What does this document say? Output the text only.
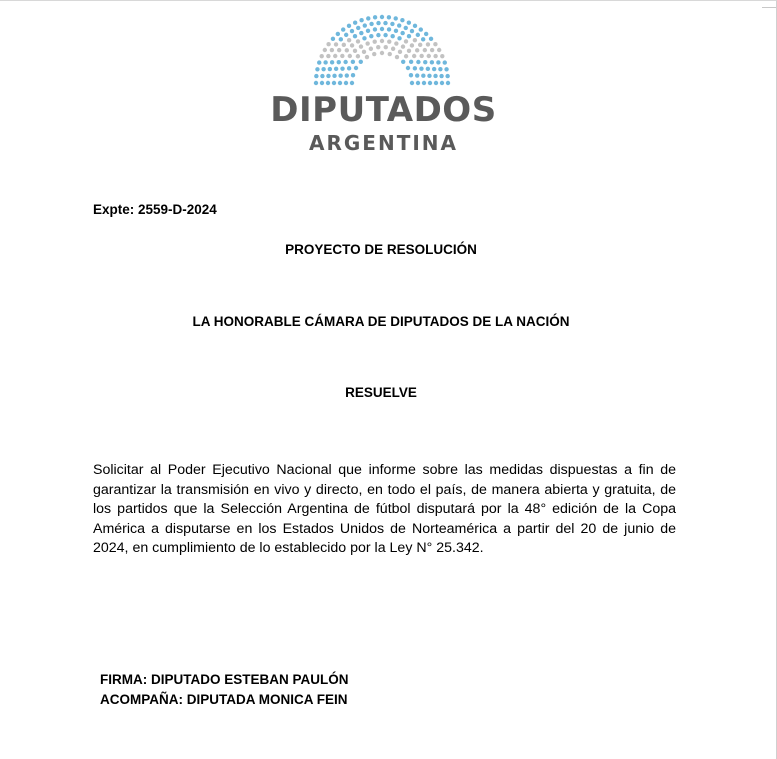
DIPUTADOS
ARGENTINA
Expte: 2559-D-2024
PROYECTO DE RESOLUCIÓN
LA HONORABLE CÁMARA DE DIPUTADOS DE LA NACIÓN
RESUELVE
Solicitar al Poder Ejecutivo Nacional que informe sobre las medidas dispuestas a fin de garantizar la transmisión en vivo y directo, en todo el país, de manera abierta y gratuita, de los partidos que la Selección Argentina de fútbol disputará por la 48° edición de la Copa América a disputarse en los Estados Unidos de Norteamérica a partir del 20 de junio de 2024, en cumplimiento de lo establecido por la Ley N° 25.342.
FIRMA: DIPUTADO ESTEBAN PAULÓN
ACOMPAÑA: DIPUTADA MONICA FEIN
